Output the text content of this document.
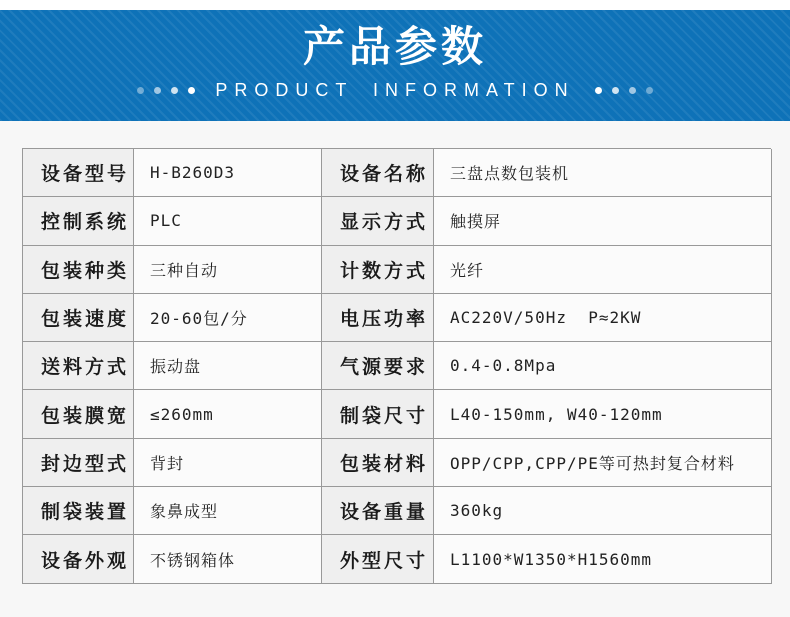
产品参数
PRODUCT INFORMATION
设备型号	H-B260D3	设备名称	三盘点数包装机
控制系统	PLC	显示方式	触摸屏
包装种类	三种自动	计数方式	光纤
包装速度	20-60包/分	电压功率	AC220V/50Hz  P≈2KW
送料方式	振动盘	气源要求	0.4-0.8Mpa
包装膜宽	≤260mm	制袋尺寸	L40-150mm, W40-120mm
封边型式	背封	包装材料	OPP/CPP,CPP/PE等可热封复合材料
制袋装置	象鼻成型	设备重量	360kg
设备外观	不锈钢箱体	外型尺寸	L1100*W1350*H1560mm
